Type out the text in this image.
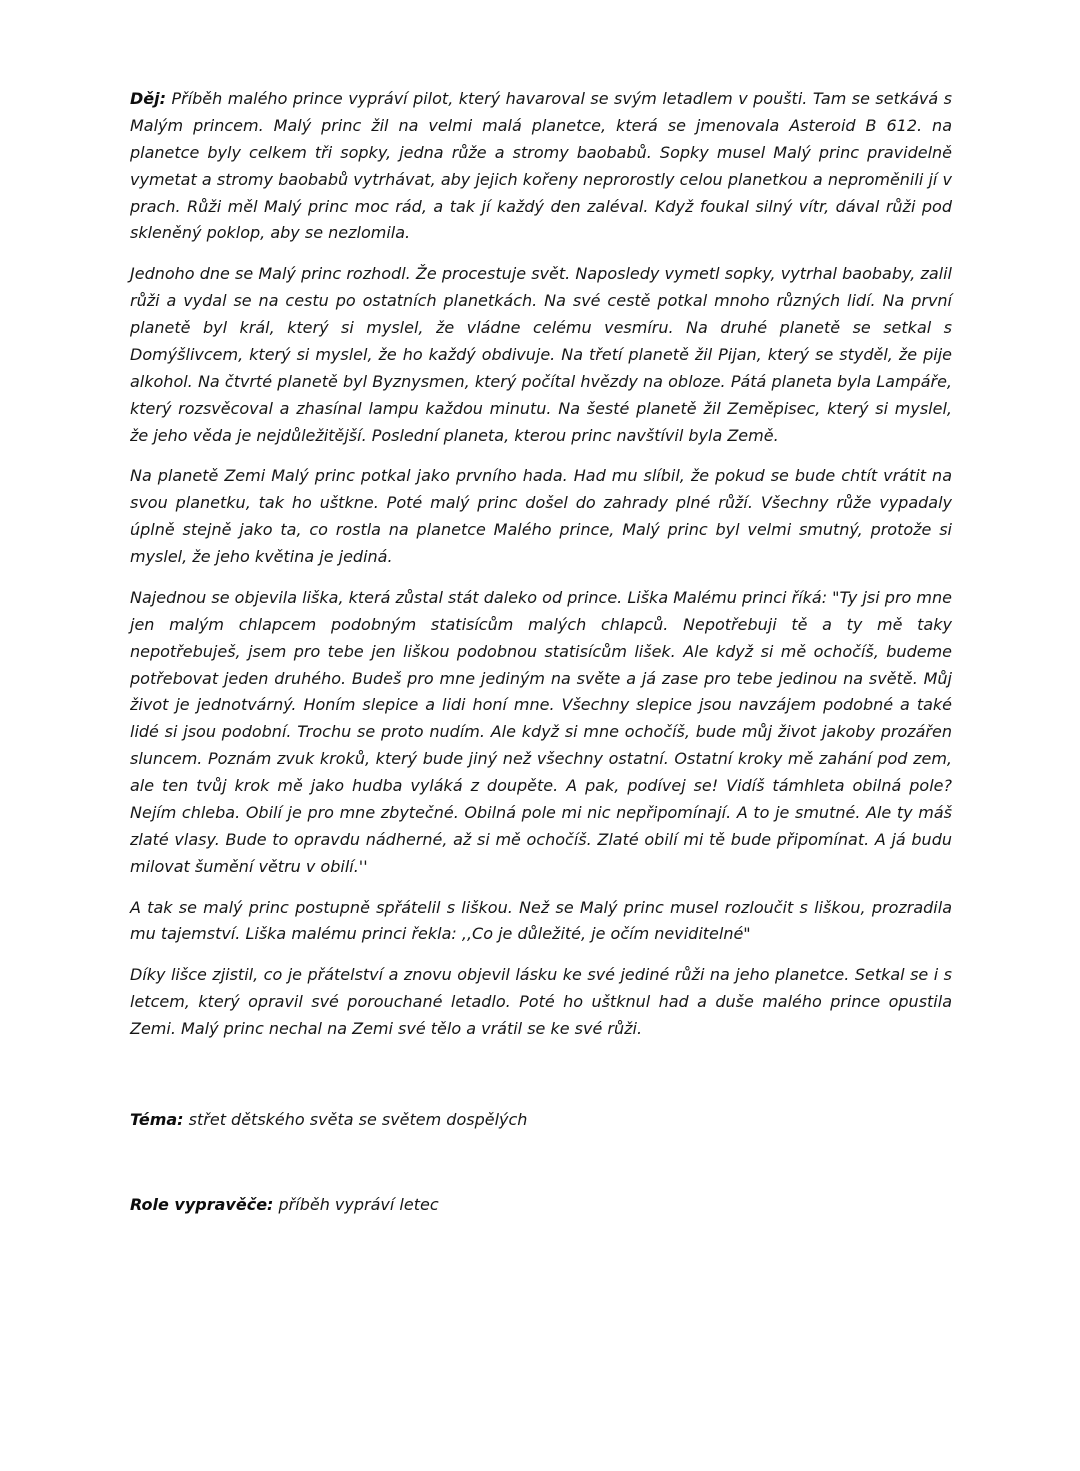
Děj: Příběh malého prince vypráví pilot, který havaroval se svým letadlem v poušti. Tam se setkává s Malým princem. Malý princ žil na velmi malá planetce, která se jmenovala Asteroid B 612. na planetce byly celkem tři sopky, jedna růže a stromy baobabů. Sopky musel Malý princ pravidelně vymetat a stromy baobabů vytrhávat, aby jejich kořeny neprorostly celou planetkou a neproměnili jí v prach. Růži měl Malý princ moc rád, a tak jí každý den zaléval. Když foukal silný vítr, dával růži pod skleněný poklop, aby se nezlomila.

Jednoho dne se Malý princ rozhodl. Že procestuje svět. Naposledy vymetl sopky, vytrhal baobaby, zalil růži a vydal se na cestu po ostatních planetkách. Na své cestě potkal mnoho různých lidí. Na první planetě byl král, který si myslel, že vládne celému vesmíru. Na druhé planetě se setkal s Domýšlivcem, který si myslel, že ho každý obdivuje. Na třetí planetě žil Pijan, který se styděl, že pije alkohol. Na čtvrté planetě byl Byznysmen, který počítal hvězdy na obloze. Pátá planeta byla Lampáře, který rozsvěcoval a zhasínal lampu každou minutu. Na šesté planetě žil Zeměpisec, který si myslel, že jeho věda je nejdůležitější. Poslední planeta, kterou princ navštívil byla Země.

Na planetě Zemi Malý princ potkal jako prvního hada. Had mu slíbil, že pokud se bude chtít vrátit na svou planetku, tak ho uštkne. Poté malý princ došel do zahrady plné růží. Všechny růže vypadaly úplně stejně jako ta, co rostla na planetce Malého prince, Malý princ byl velmi smutný, protože si myslel, že jeho květina je jediná.

Najednou se objevila liška, která zůstal stát daleko od prince. Liška Malému princi říká: "Ty jsi pro mne jen malým chlapcem podobným statisícům malých chlapců. Nepotřebuji tě a ty mě taky nepotřebuješ, jsem pro tebe jen liškou podobnou statisícům lišek. Ale když si mě ochočíš, budeme potřebovat jeden druhého. Budeš pro mne jediným na světe a já zase pro tebe jedinou na světě. Můj život je jednotvárný. Honím slepice a lidi honí mne. Všechny slepice jsou navzájem podobné a také lidé si jsou podobní. Trochu se proto nudím. Ale když si mne ochočíš, bude můj život jakoby prozářen sluncem. Poznám zvuk kroků, který bude jiný než všechny ostatní. Ostatní kroky mě zahání pod zem, ale ten tvůj krok mě jako hudba vyláká z doupěte. A pak, podívej se! Vidíš támhleta obilná pole? Nejím chleba. Obilí je pro mne zbytečné. Obilná pole mi nic nepřipomínají. A to je smutné. Ale ty máš zlaté vlasy. Bude to opravdu nádherné, až si mě ochočíš. Zlaté obilí mi tě bude připomínat. A já budu milovat šumění větru v obilí.''

A tak se malý princ postupně spřátelil s liškou. Než se Malý princ musel rozloučit s liškou, prozradila mu tajemství. Liška malému princi řekla: ,,Co je důležité, je očím neviditelné"

Díky lišce zjistil, co je přátelství a znovu objevil lásku ke své jediné růži na jeho planetce. Setkal se i s letcem, který opravil své porouchané letadlo. Poté ho uštknul had a duše malého prince opustila Zemi. Malý princ nechal na Zemi své tělo a vrátil se ke své růži.

Téma: střet dětského světa se světem dospělých

Role vypravěče: příběh vypráví letec
